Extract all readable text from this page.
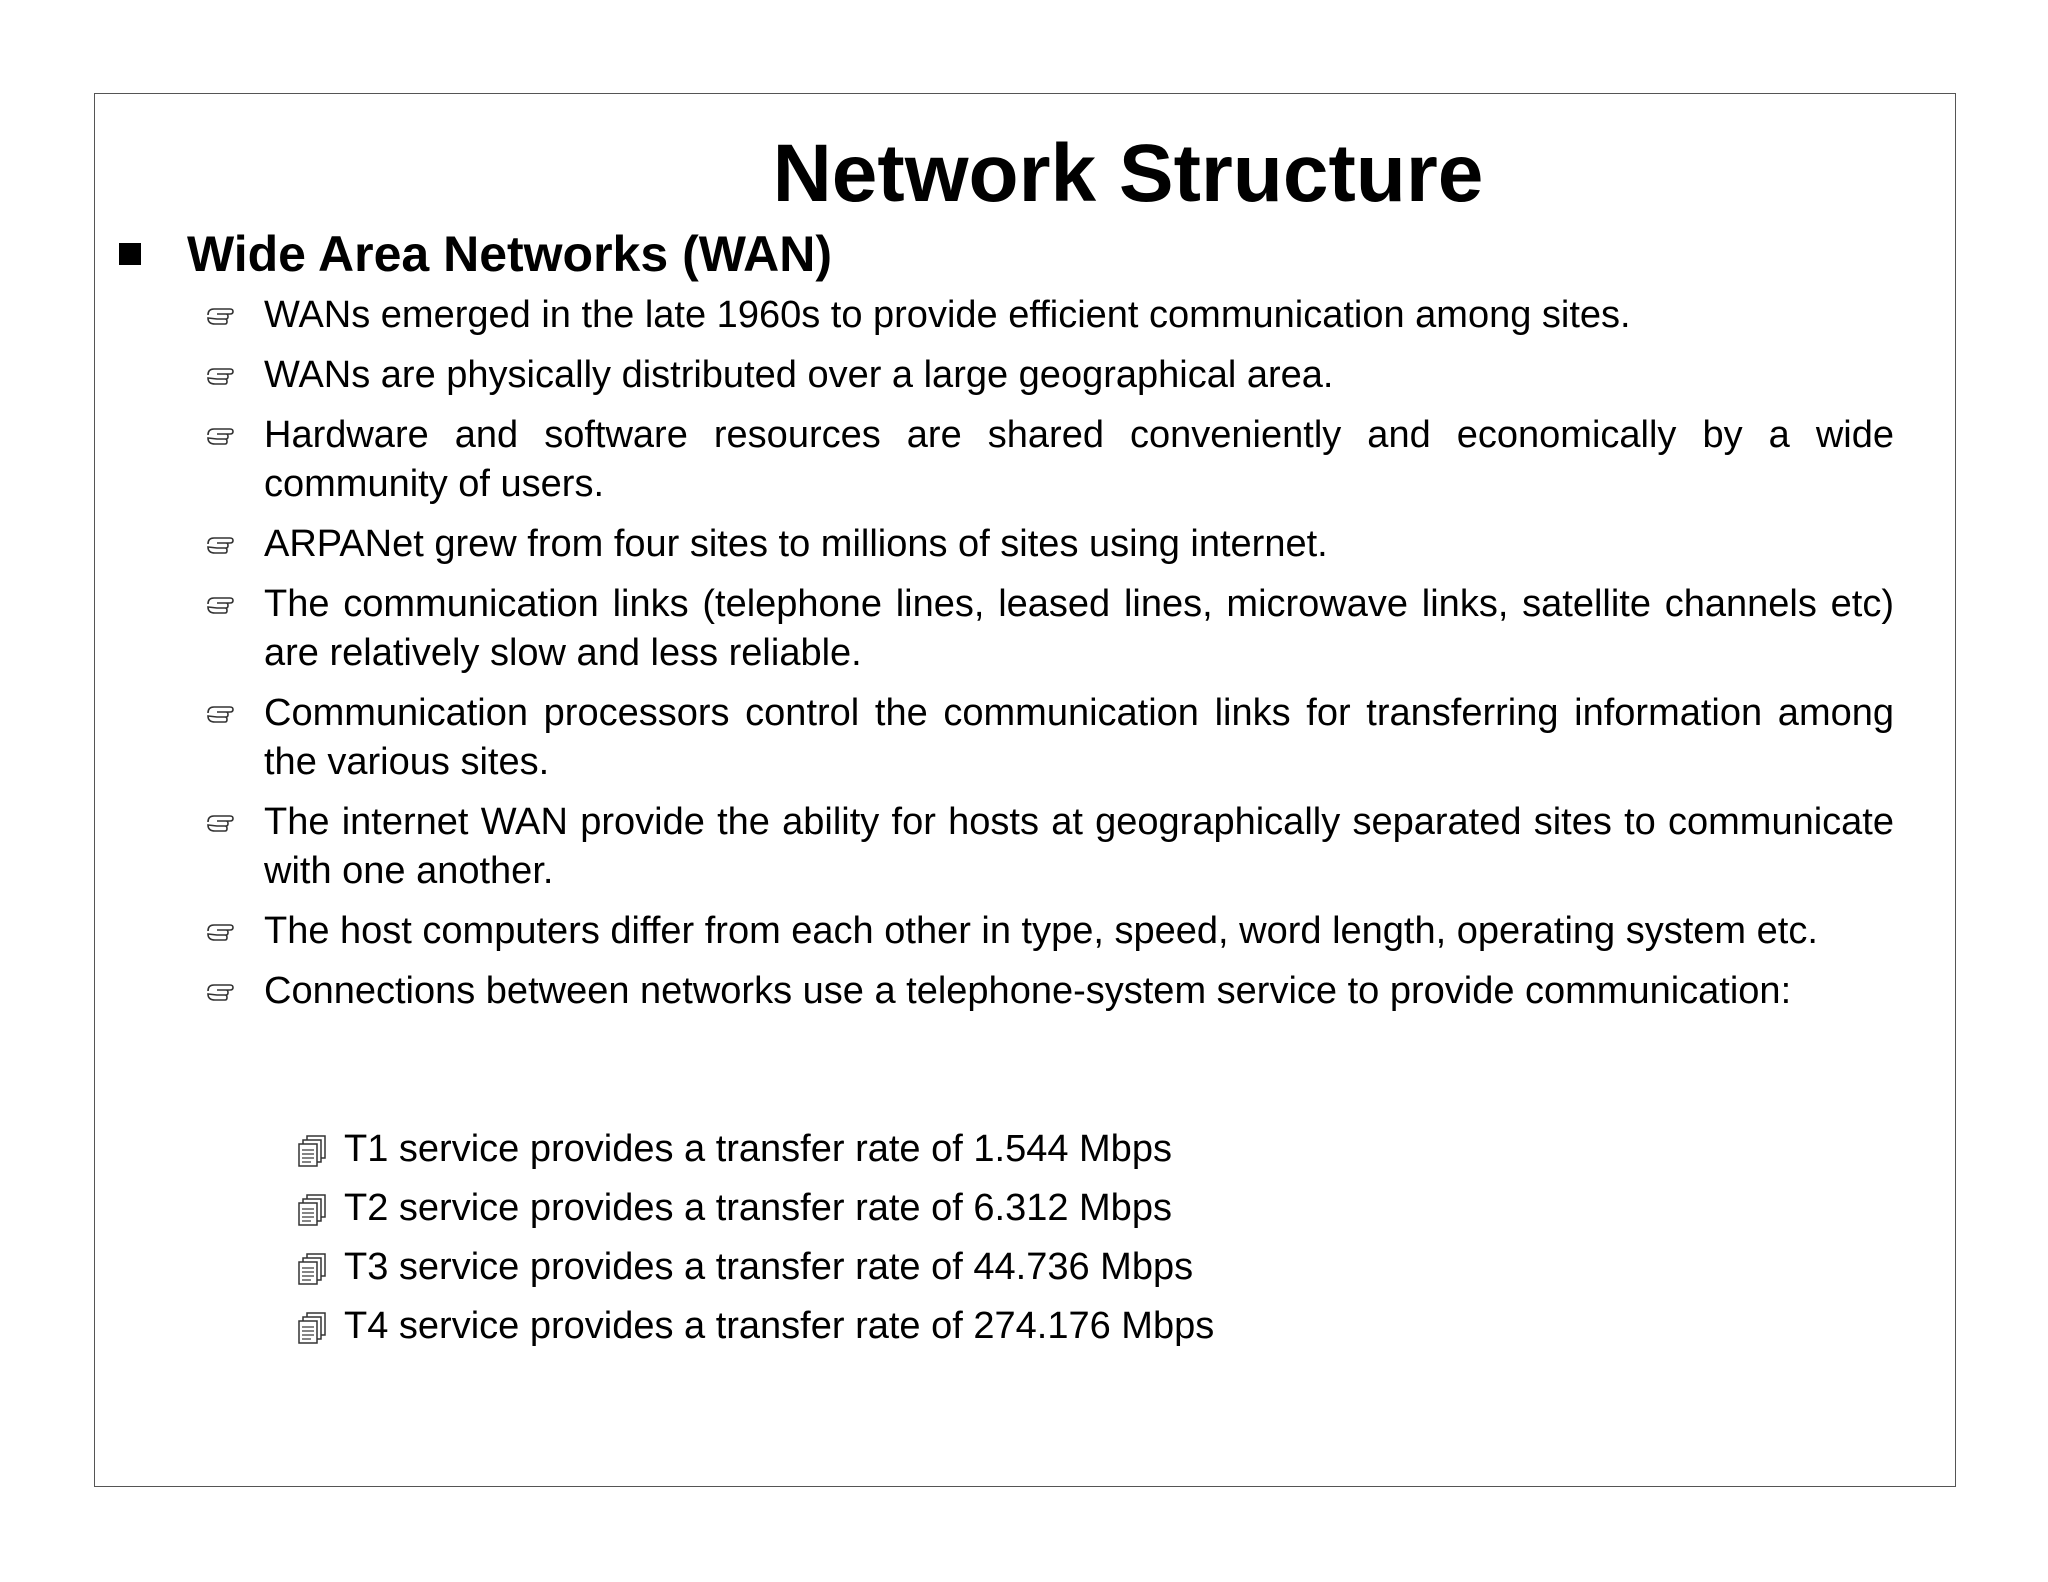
Network Structure
Wide Area Networks (WAN)
WANs emerged in the late 1960s to provide efficient communication among sites.
WANs are physically distributed over a large geographical area.
Hardware and software resources are shared conveniently and economically by a wide community of users.
ARPANet grew from four sites to millions of sites using internet.
The communication links (telephone lines, leased lines, microwave links, satellite channels etc) are relatively slow and less reliable.
Communication processors control the communication links for transferring information among the various sites.
The internet WAN provide the ability for hosts at geographically separated sites to communicate with one another.
The host computers differ from each other in type, speed, word length, operating system etc.
Connections between networks use a telephone-system service to provide communication:
T1 service provides a transfer rate of 1.544 Mbps
T2 service provides a transfer rate of 6.312 Mbps
T3 service provides a transfer rate of 44.736 Mbps
T4 service provides a transfer rate of 274.176 Mbps
